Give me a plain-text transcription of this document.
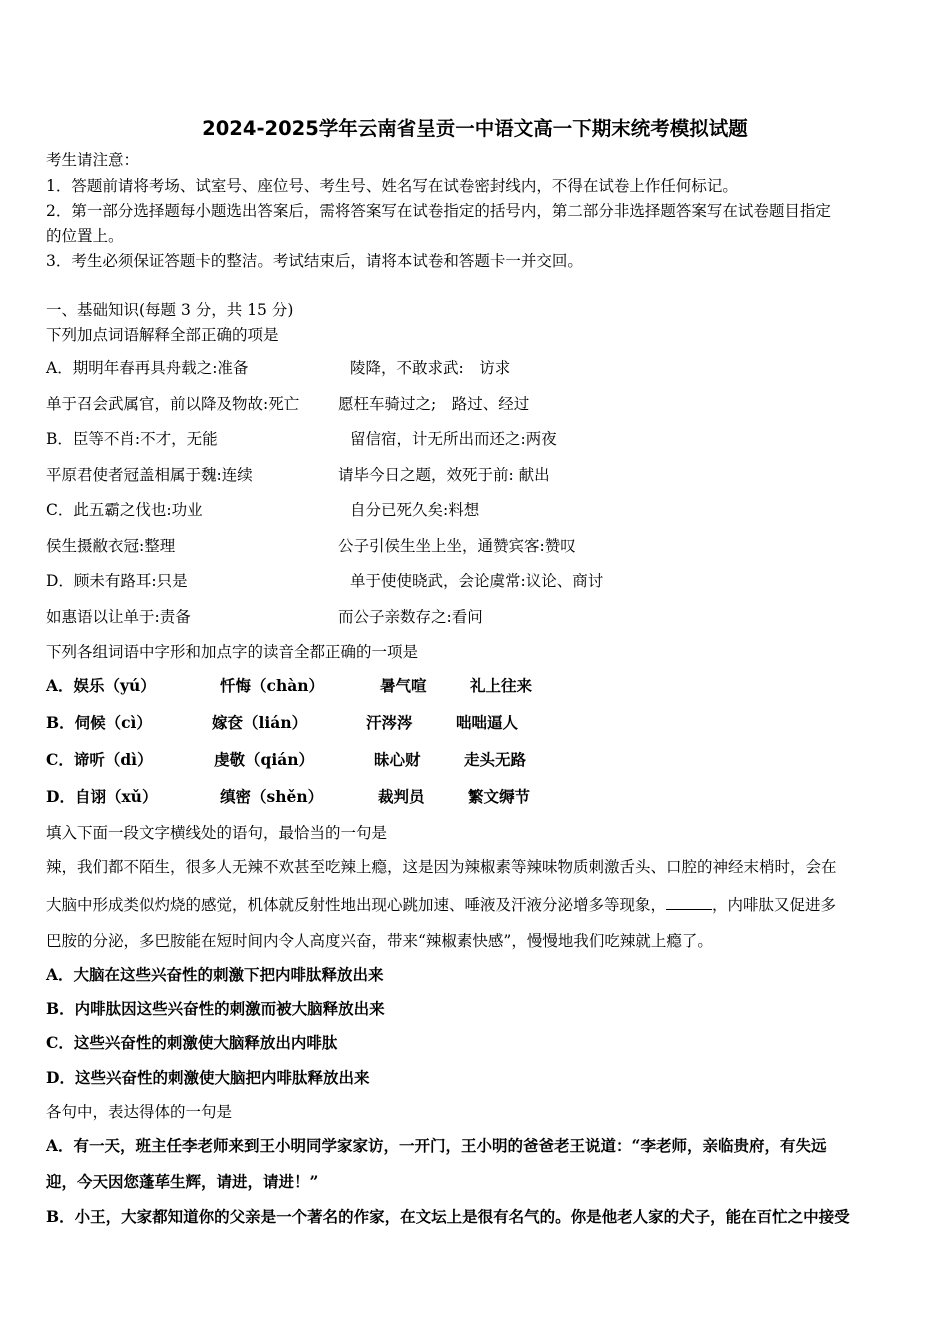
2024-2025学年云南省呈贡一中语文高一下期末统考模拟试题
考生请注意：
1．答题前请将考场、试室号、座位号、考生号、姓名写在试卷密封线内，不得在试卷上作任何标记。
2．第一部分选择题每小题选出答案后，需将答案写在试卷指定的括号内，第二部分非选择题答案写在试卷题目指定
的位置上。
3．考生必须保证答题卡的整洁。考试结束后，请将本试卷和答题卡一并交回。
一、基础知识(每题 3 分，共 15 分)
下列加点词语解释全部正确的项是
A．期明年春再具舟载之:准备	陵降，不敢求武:　访求
单于召会武属官，前以降及物故:死亡	愿枉车骑过之;　路过、经过
B．臣等不肖:不才，无能	留信宿，计无所出而还之:两夜
平原君使者冠盖相属于魏:连续	请毕今日之题，效死于前: 献出
C．此五霸之伐也:功业	自分已死久矣:料想
侯生摄敝衣冠:整理	公子引侯生坐上坐，通赞宾客:赞叹
D．顾未有路耳:只是	单于使使晓武，会论虞常:议论、商讨
如惠语以让单于:责备	而公子亲数存之:看问
下列各组词语中字形和加点字的读音全都正确的一项是
A．娱乐（yú）	忏悔（chàn）	暑气喧	礼上往来
B．伺候（cì）	嫁奁（lián）	汗涔涔	咄咄逼人
C．谛听（dì）	虔敬（qián）	昧心财	走头无路
D．自诩（xǔ）	缜密（shěn）	裁判员	繁文缛节
填入下面一段文字横线处的语句，最恰当的一句是
辣，我们都不陌生，很多人无辣不欢甚至吃辣上瘾，这是因为辣椒素等辣味物质刺激舌头、口腔的神经末梢时，会在
大脑中形成类似灼烧的感觉，机体就反射性地出现心跳加速、唾液及汗液分泌增多等现象，	，内啡肽又促进多
巴胺的分泌，多巴胺能在短时间内令人高度兴奋，带来“辣椒素快感”，慢慢地我们吃辣就上瘾了。
A．大脑在这些兴奋性的刺激下把内啡肽释放出来
B．内啡肽因这些兴奋性的刺激而被大脑释放出来
C．这些兴奋性的刺激使大脑释放出内啡肽
D．这些兴奋性的刺激使大脑把内啡肽释放出来
各句中，表达得体的一句是
A．有一天，班主任李老师来到王小明同学家家访，一开门，王小明的爸爸老王说道：“李老师，亲临贵府，有失远
迎，今天因您蓬荜生辉，请进，请进！”
B．小王，大家都知道你的父亲是一个著名的作家，在文坛上是很有名气的。你是他老人家的犬子，能在百忙之中接受
